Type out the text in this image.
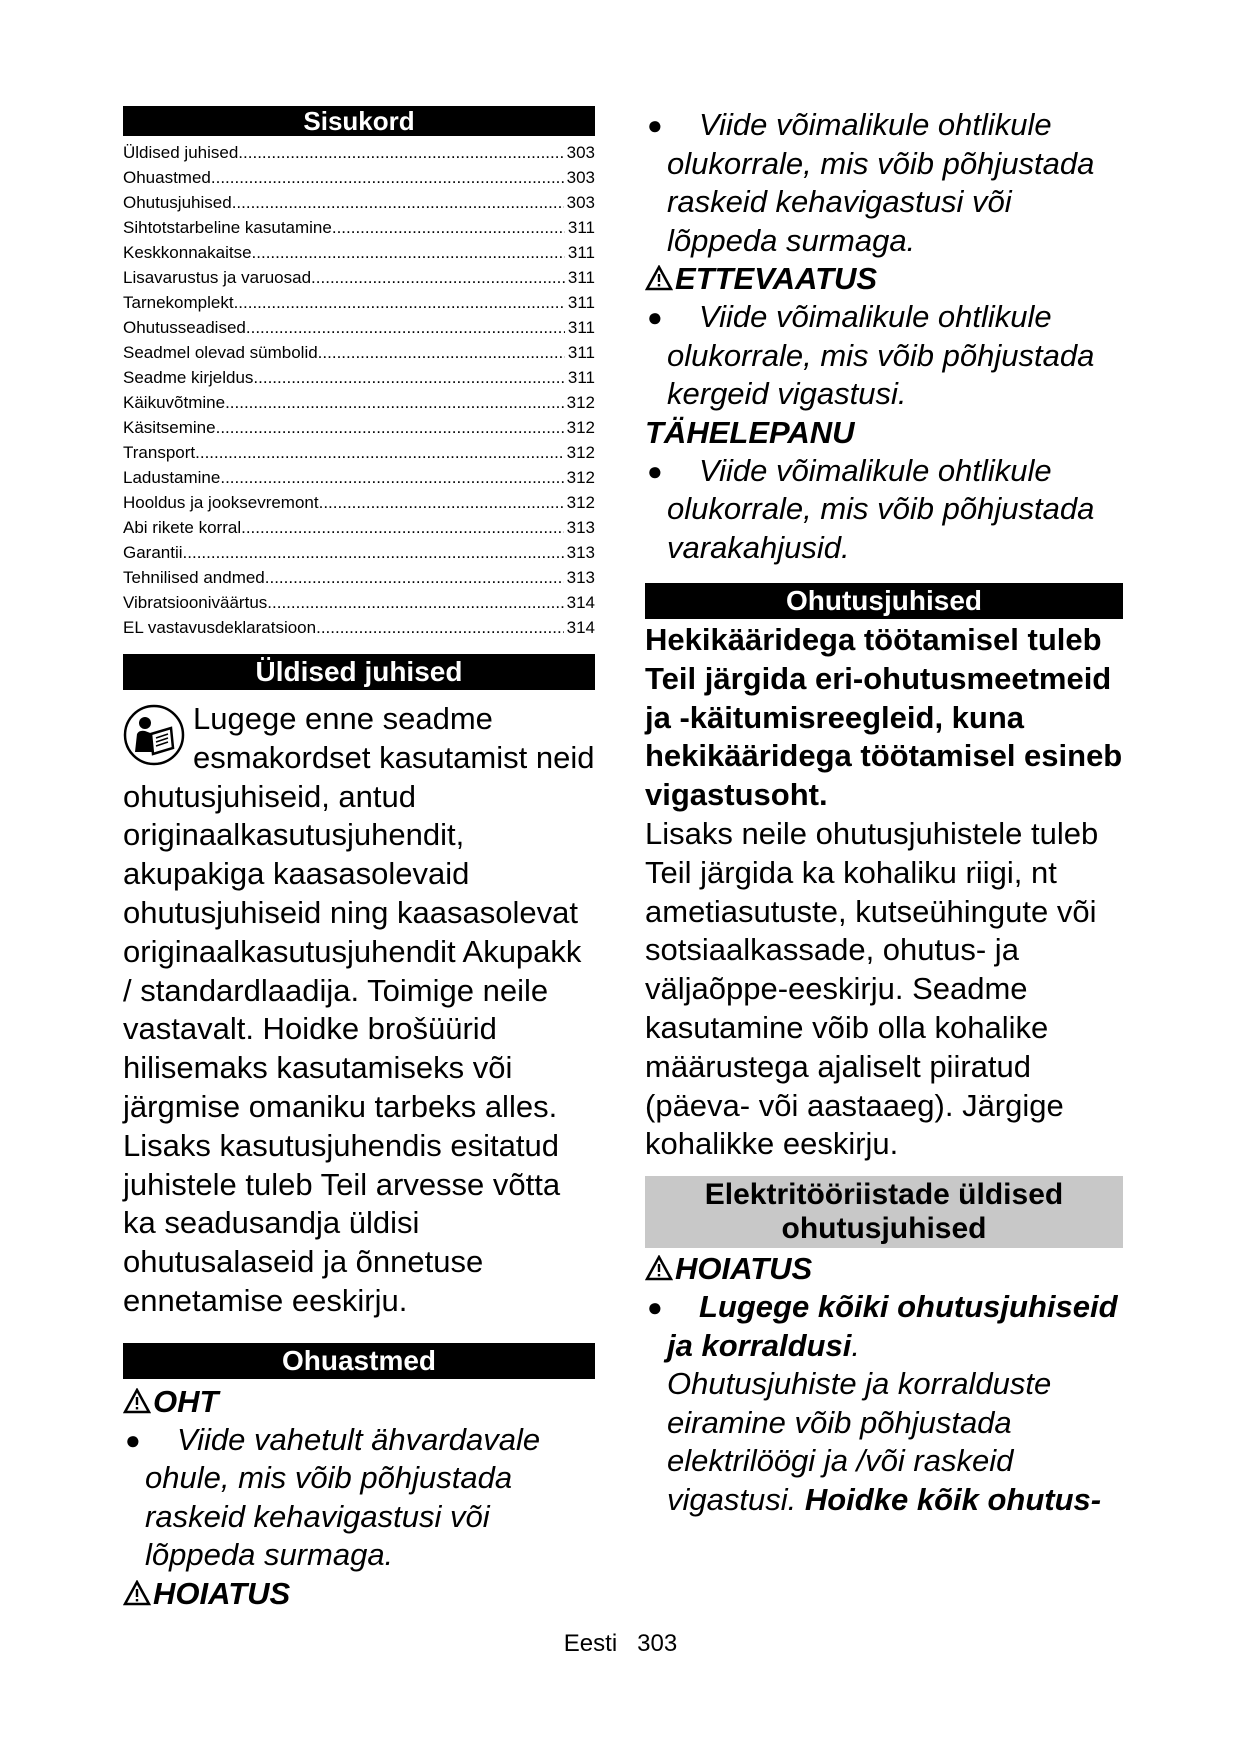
Sisukord
Üldised juhised .....	303
Ohuastmed .....	303
Ohutusjuhised .....	303
Sihtotstarbeline kasutamine .....	311
Keskkonnakaitse .....	311
Lisavarustus ja varuosad .....	311
Tarnekomplekt .....	311
Ohutusseadised .....	311
Seadmel olevad sümbolid .....	311
Seadme kirjeldus .....	311
Käikuvõtmine .....	312
Käsitsemine .....	312
Transport .....	312
Ladustamine .....	312
Hooldus ja jooksevremont .....	312
Abi rikete korral .....	313
Garantii .....	313
Tehnilised andmed .....	313
Vibratsiooniväärtus .....	314
EL vastavusdeklaratsioon .....	314
Üldised juhised
Lugege enne seadme esmakordset kasutamist neid ohutusjuhiseid, antud originaalkasutusjuhendit, akupakiga kaasasolevaid ohutusjuhiseid ning kaasasolevat originaalkasutusjuhendit Akupakk / standardlaadija. Toimige neile vastavalt. Hoidke brošüürid hilisemaks kasutamiseks või järgmise omaniku tarbeks alles.
Lisaks kasutusjuhendis esitatud juhistele tuleb Teil arvesse võtta ka seadusandja üldisi ohutusalaseid ja õnnetuse ennetamise eeskirju.
Ohuastmed
OHT
● Viide vahetult ähvardavale ohule, mis võib põhjustada raskeid kehavigastusi või lõppeda surmaga.
HOIATUS
● Viide võimalikule ohtlikule olukorrale, mis võib põhjustada raskeid kehavigastusi või lõppeda surmaga.
ETTEVAATUS
● Viide võimalikule ohtlikule olukorrale, mis võib põhjustada kergeid vigastusi.
TÄHELEPANU
● Viide võimalikule ohtlikule olukorrale, mis võib põhjustada varakahjusid.
Ohutusjuhised
Hekikääridega töötamisel tuleb Teil järgida eri-ohutusmeetmeid ja -käitumisreegleid, kuna hekikääridega töötamisel esineb vigastusoht.
Lisaks neile ohutusjuhistele tuleb Teil järgida ka kohaliku riigi, nt ametiasutuste, kutseühingute või sotsiaalkassade, ohutus- ja väljaõppe-eeskirju. Seadme kasutamine võib olla kohalike määrustega ajaliselt piiratud (päeva- või aastaaeg). Järgige kohalikke eeskirju.
Elektritööriistade üldised ohutusjuhised
HOIATUS
● Lugege kõiki ohutusjuhiseid ja korraldusi.
Ohutusjuhiste ja korralduste eiramine võib põhjustada elektrilöögi ja /või raskeid vigastusi. Hoidke kõik ohutus-
Eesti 303
